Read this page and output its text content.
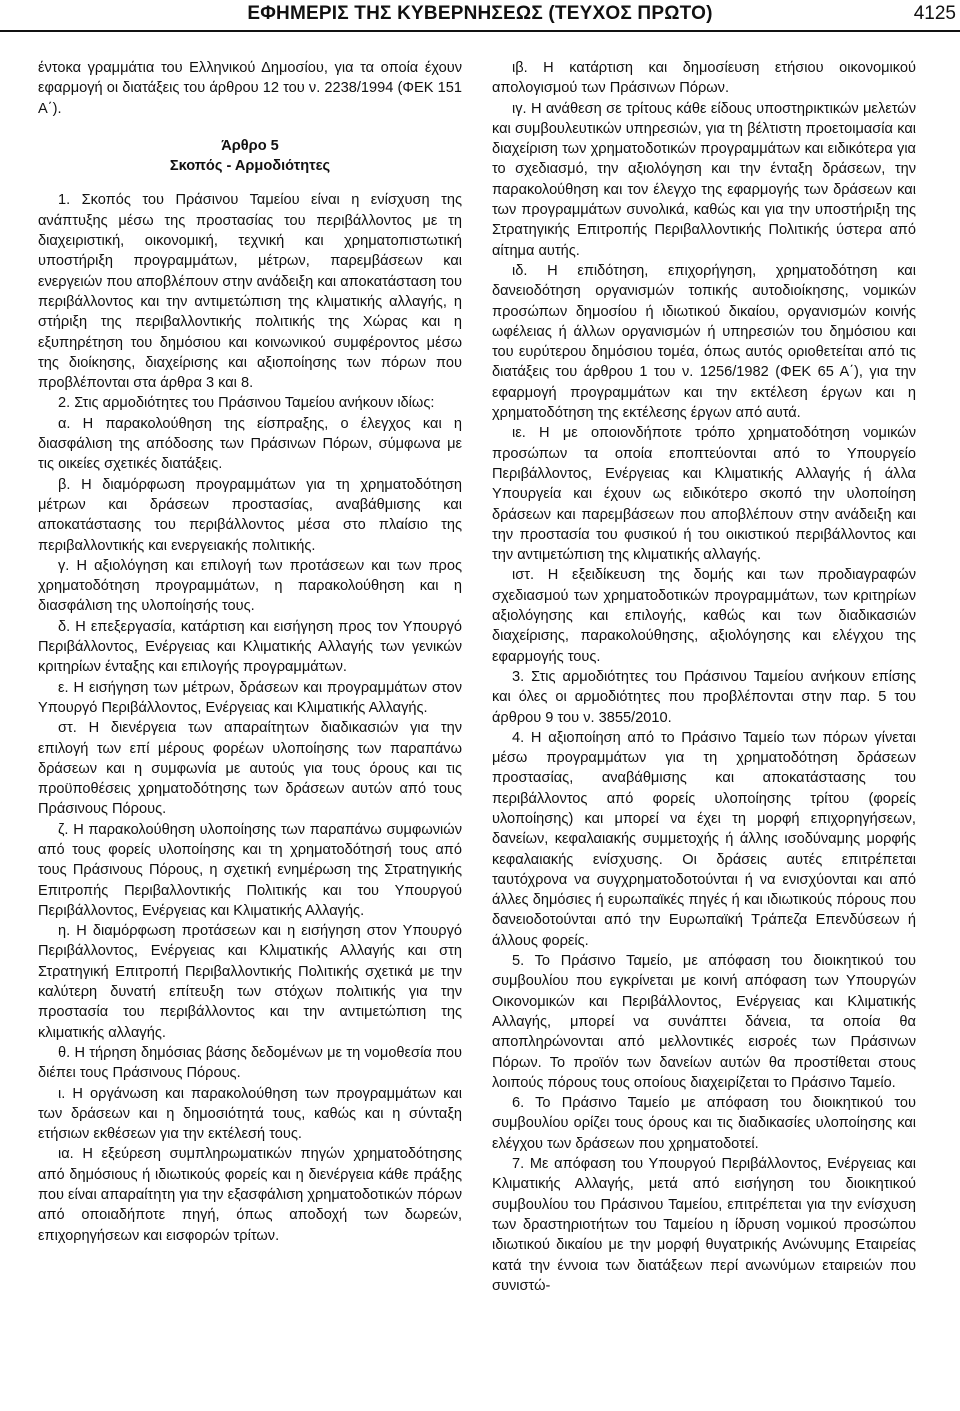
ΕΦΗΜΕΡΙΣ ΤΗΣ ΚΥΒΕΡΝΗΣΕΩΣ (ΤΕΥΧΟΣ ΠΡΩΤΟ)	4125

έντοκα γραμμάτια του Ελληνικού Δημοσίου, για τα οποία έχουν εφαρμογή οι διατάξεις του άρθρου 12 του ν. 2238/1994 (ΦΕΚ 151 Α΄).

Άρθρο 5

Σκοπός - Αρμοδιότητες

1. Σκοπός του Πράσινου Ταμείου είναι η ενίσχυση της ανάπτυξης μέσω της προστασίας του περιβάλλοντος με τη διαχειριστική, οικονομική, τεχνική και χρηματοπιστωτική υποστήριξη προγραμμάτων, μέτρων, παρεμβάσεων και ενεργειών που αποβλέπουν στην ανάδειξη και αποκατάσταση του περιβάλλοντος και την αντιμετώπιση της κλιματικής αλλαγής, η στήριξη της περιβαλλοντικής πολιτικής της Χώρας και η εξυπηρέτηση του δημόσιου και κοινωνικού συμφέροντος μέσω της διοίκησης, διαχείρισης και αξιοποίησης των πόρων που προβλέπονται στα άρθρα 3 και 8.

2. Στις αρμοδιότητες του Πράσινου Ταμείου ανήκουν ιδίως:

α. Η παρακολούθηση της είσπραξης, ο έλεγχος και η διασφάλιση της απόδοσης των Πράσινων Πόρων, σύμφωνα με τις οικείες σχετικές διατάξεις.

β. Η διαμόρφωση προγραμμάτων για τη χρηματοδότηση μέτρων και δράσεων προστασίας, αναβάθμισης και αποκατάστασης του περιβάλλοντος μέσα στο πλαίσιο της περιβαλλοντικής και ενεργειακής πολιτικής.

γ. Η αξιολόγηση και επιλογή των προτάσεων και των προς χρηματοδότηση προγραμμάτων, η παρακολούθηση και η διασφάλιση της υλοποίησής τους.

δ. Η επεξεργασία, κατάρτιση και εισήγηση προς τον Υπουργό Περιβάλλοντος, Ενέργειας και Κλιματικής Αλλαγής των γενικών κριτηρίων ένταξης και επιλογής προγραμμάτων.

ε. Η εισήγηση των μέτρων, δράσεων και προγραμμάτων στον Υπουργό Περιβάλλοντος, Ενέργειας και Κλιματικής Αλλαγής.

στ. Η διενέργεια των απαραίτητων διαδικασιών για την επιλογή των επί μέρους φορέων υλοποίησης των παραπάνω δράσεων και η συμφωνία με αυτούς για τους όρους και τις προϋποθέσεις χρηματοδότησης των δράσεων αυτών από τους Πράσινους Πόρους.

ζ. Η παρακολούθηση υλοποίησης των παραπάνω συμφωνιών από τους φορείς υλοποίησης και τη χρηματοδότησή τους από τους Πράσινους Πόρους, η σχετική ενημέρωση της Στρατηγικής Επιτροπής Περιβαλλοντικής Πολιτικής και του Υπουργού Περιβάλλοντος, Ενέργειας και Κλιματικής Αλλαγής.

η. Η διαμόρφωση προτάσεων και η εισήγηση στον Υπουργό Περιβάλλοντος, Ενέργειας και Κλιματικής Αλλαγής και στη Στρατηγική Επιτροπή Περιβαλλοντικής Πολιτικής σχετικά με την καλύτερη δυνατή επίτευξη των στόχων πολιτικής για την προστασία του περιβάλλοντος και την αντιμετώπιση της κλιματικής αλλαγής.

θ. Η τήρηση δημόσιας βάσης δεδομένων με τη νομοθεσία που διέπει τους Πράσινους Πόρους.

ι. Η οργάνωση και παρακολούθηση των προγραμμάτων και των δράσεων και η δημοσιότητά τους, καθώς και η σύνταξη ετήσιων εκθέσεων για την εκτέλεσή τους.

ια. Η εξεύρεση συμπληρωματικών πηγών χρηματοδότησης από δημόσιους ή ιδιωτικούς φορείς και η διενέργεια κάθε πράξης που είναι απαραίτητη για την εξασφάλιση χρηματοδοτικών πόρων από οποιαδήποτε πηγή, όπως αποδοχή των δωρεών, επιχορηγήσεων και εισφορών τρίτων.

ιβ. Η κατάρτιση και δημοσίευση ετήσιου οικονομικού απολογισμού των Πράσινων Πόρων.

ιγ. Η ανάθεση σε τρίτους κάθε είδους υποστηρικτικών μελετών και συμβουλευτικών υπηρεσιών, για τη βέλτιστη προετοιμασία και διαχείριση των χρηματοδοτικών προγραμμάτων και ειδικότερα για το σχεδιασμό, την αξιολόγηση και την ένταξη δράσεων, την παρακολούθηση και τον έλεγχο της εφαρμογής των δράσεων και των προγραμμάτων συνολικά, καθώς και για την υποστήριξη της Στρατηγικής Επιτροπής Περιβαλλοντικής Πολιτικής ύστερα από αίτημα αυτής.

ιδ. Η επιδότηση, επιχορήγηση, χρηματοδότηση και δανειοδότηση οργανισμών τοπικής αυτοδιοίκησης, νομικών προσώπων δημοσίου ή ιδιωτικού δικαίου, οργανισμών κοινής ωφέλειας ή άλλων οργανισμών ή υπηρεσιών του δημόσιου και του ευρύτερου δημόσιου τομέα, όπως αυτός οριοθετείται από τις διατάξεις του άρθρου 1 του ν. 1256/1982 (ΦΕΚ 65 Α΄), για την εφαρμογή προγραμμάτων και την εκτέλεση έργων και η χρηματοδότηση της εκτέλεσης έργων από αυτά.

ιε. Η με οποιονδήποτε τρόπο χρηματοδότηση νομικών προσώπων τα οποία εποπτεύονται από το Υπουργείο Περιβάλλοντος, Ενέργειας και Κλιματικής Αλλαγής ή άλλα Υπουργεία και έχουν ως ειδικότερο σκοπό την υλοποίηση δράσεων και παρεμβάσεων που αποβλέπουν στην ανάδειξη και την προστασία του φυσικού ή του οικιστικού περιβάλλοντος και την αντιμετώπιση της κλιματικής αλλαγής.

ιστ. Η εξειδίκευση της δομής και των προδιαγραφών σχεδιασμού των χρηματοδοτικών προγραμμάτων, των κριτηρίων αξιολόγησης και επιλογής, καθώς και των διαδικασιών διαχείρισης, παρακολούθησης, αξιολόγησης και ελέγχου της εφαρμογής τους.

3. Στις αρμοδιότητες του Πράσινου Ταμείου ανήκουν επίσης και όλες οι αρμοδιότητες που προβλέπονται στην παρ. 5 του άρθρου 9 του ν. 3855/2010.

4. Η αξιοποίηση από το Πράσινο Ταμείο των πόρων γίνεται μέσω προγραμμάτων για τη χρηματοδότηση δράσεων προστασίας, αναβάθμισης και αποκατάστασης του περιβάλλοντος από φορείς υλοποίησης τρίτου (φορείς υλοποίησης) και μπορεί να έχει τη μορφή επιχορηγήσεων, δανείων, κεφαλαιακής συμμετοχής ή άλλης ισοδύναμης μορφής κεφαλαιακής ενίσχυσης. Οι δράσεις αυτές επιτρέπεται ταυτόχρονα να συγχρηματοδοτούνται ή να ενισχύονται και από άλλες δημόσιες ή ευρωπαϊκές πηγές ή και ιδιωτικούς πόρους που δανειοδοτούνται από την Ευρωπαϊκή Τράπεζα Επενδύσεων ή άλλους φορείς.

5. Το Πράσινο Ταμείο, με απόφαση του διοικητικού του συμβουλίου που εγκρίνεται με κοινή απόφαση των Υπουργών Οικονομικών και Περιβάλλοντος, Ενέργειας και Κλιματικής Αλλαγής, μπορεί να συνάπτει δάνεια, τα οποία θα αποπληρώνονται από μελλοντικές εισροές των Πράσινων Πόρων. Το προϊόν των δανείων αυτών θα προστίθεται στους λοιπούς πόρους τους οποίους διαχειρίζεται το Πράσινο Ταμείο.

6. Το Πράσινο Ταμείο με απόφαση του διοικητικού του συμβουλίου ορίζει τους όρους και τις διαδικασίες υλοποίησης και ελέγχου των δράσεων που χρηματοδοτεί.

7. Με απόφαση του Υπουργού Περιβάλλοντος, Ενέργειας και Κλιματικής Αλλαγής, μετά από εισήγηση του διοικητικού συμβουλίου του Πράσινου Ταμείου, επιτρέπεται για την ενίσχυση των δραστηριοτήτων του Ταμείου η ίδρυση νομικού προσώπου ιδιωτικού δικαίου με την μορφή θυγατρικής Ανώνυμης Εταιρείας κατά την έννοια των διατάξεων περί ανωνύμων εταιρειών που συνιστώ-
